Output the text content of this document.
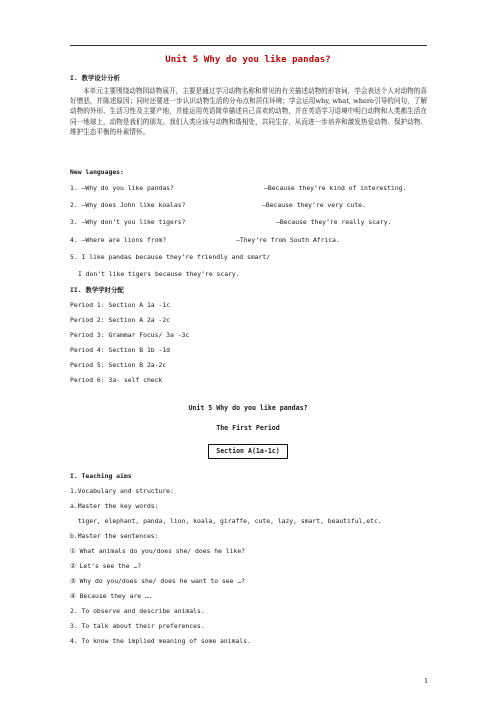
Unit 5 Why do you like pandas?
I. 教学设计分析
本单元主要围绕动物园动物展开，主要是通过学习动物名称和常见的有关描述动物的形容词，学会表达个人对动物的喜好憎恶，并陈述原因；同时还要进一步认识动物生活的分布点和居住环境；学会运用why, what, where引导的问句，了解动物的外形、生活习性及主要产地，并能运用英语简单描述自己喜欢的动物，并在英语学习语境中明白动物和人类都生活在同一地球上，动物是我们的朋友。我们人类应该与动物和谐相处，共同生存，从而进一步培养和激发热爱动物、保护动物、维护生态平衡的朴素情怀。
New languages:
1. —Why do you like pandas?	—Because they’re kind of interesting.
2. —Why does John like koalas?	—Because they’re very cute.
3. —Why don’t you like tigers?	—Because they’re really scary.
4. —Where are lions from?	—They’re from South Africa.
5. I like pandas because they’re friendly and smart/
I don’t like tigers because they’re scary.
II. 教学学时分配
Period 1: Section A 1a -1c
Period 2: Section A 2a -2c
Period 3: Grammar Focus/ 3a -3c
Period 4: Section B 1b -1d
Period 5: Section B 2a-2c
Period 6: 3a- self check
Unit 5 Why do you like pandas?
The First Period
Section A(1a-1c)
I. Teaching aims
1.Vocabulary and structure:
a.Master the key words:
tiger, elephant, panda, lion, koala, giraffe, cute, lazy, smart, beautiful,etc.
b.Master the sentences:
① What animals do you/does she/ does he like?
② Let’s see the …?
③ Why do you/does she/ does he want to see …?
④ Because they are ….
2. To observe and describe animals.
3. To talk about their preferences.
4. To know the implied meaning of some animals.
1
